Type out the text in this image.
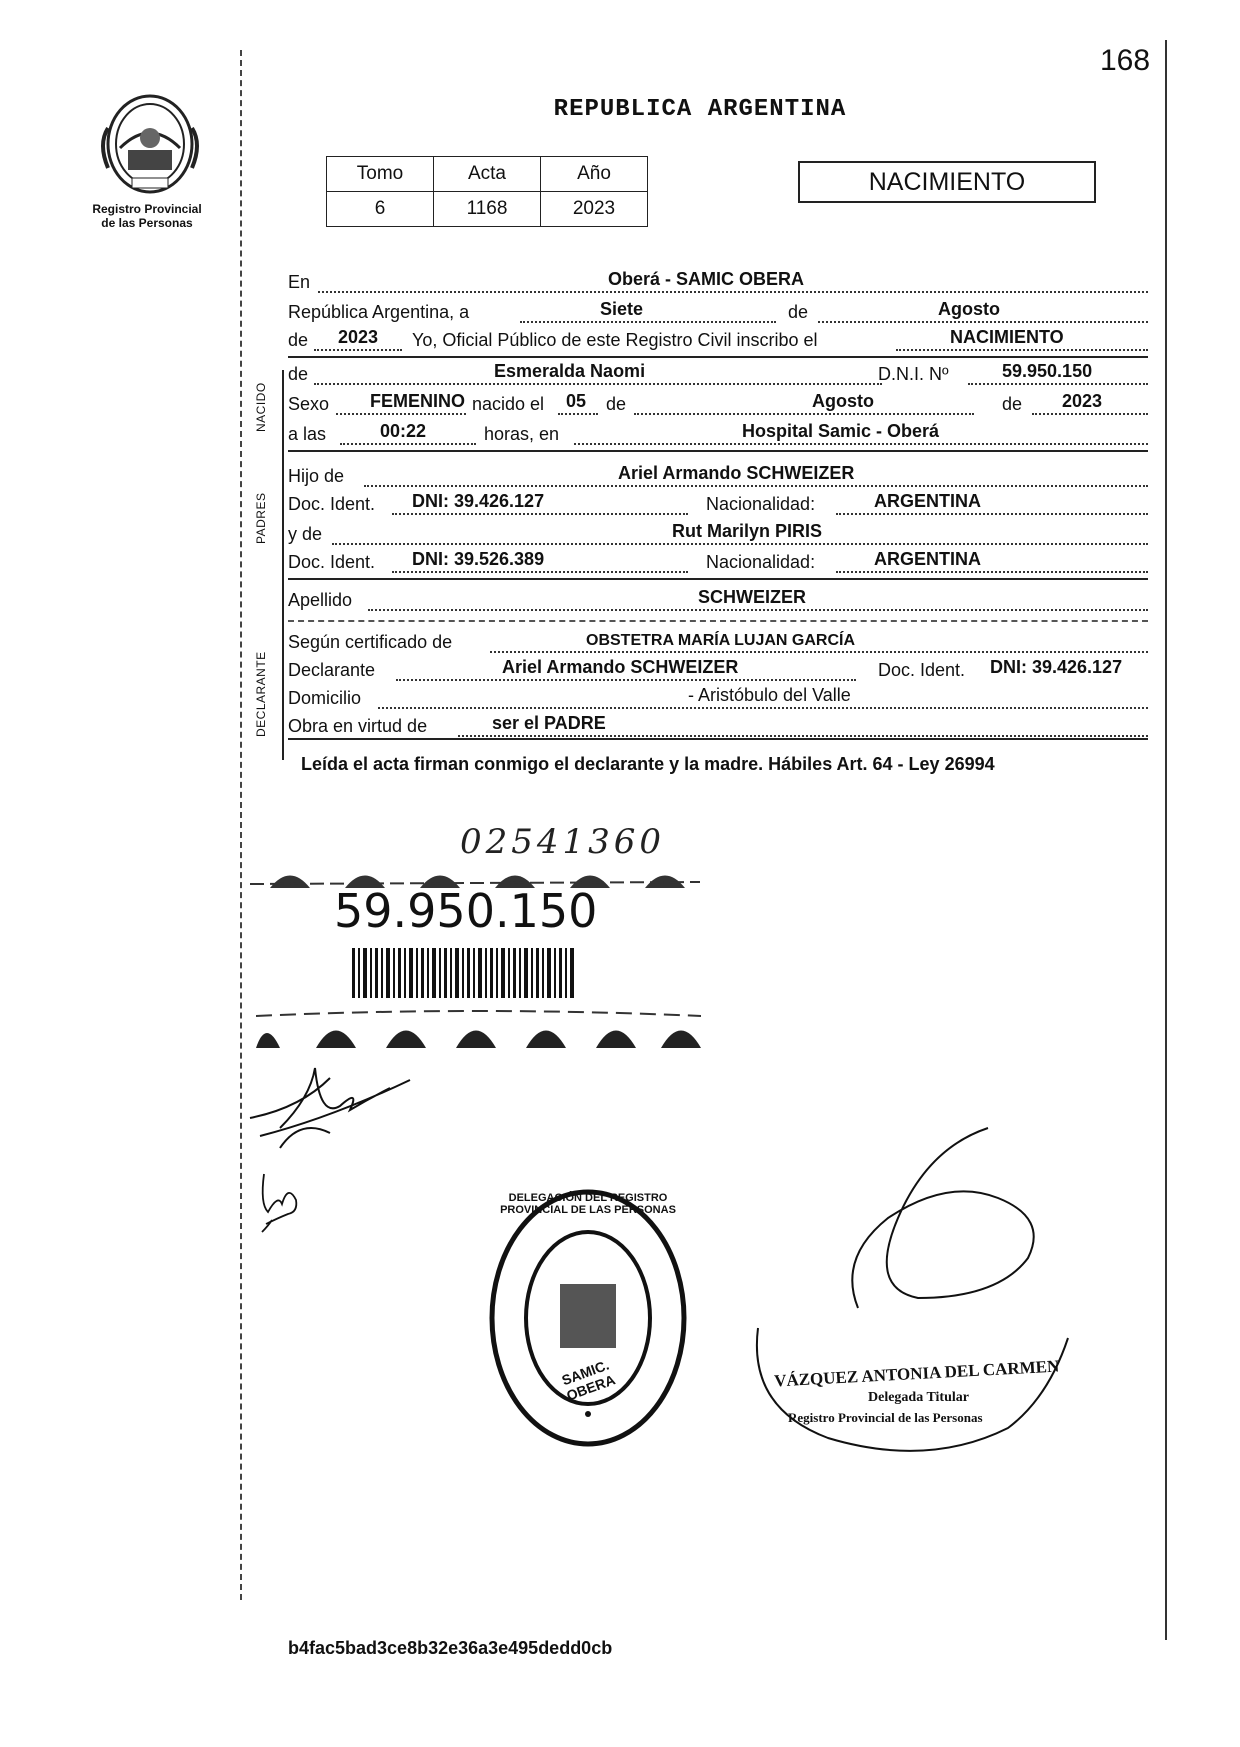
168
Registro Provincial
de las Personas
REPUBLICA ARGENTINA
Tomo	Acta	Año
6	1168	2023
NACIMIENTO
NACIDO
PADRES
DECLARANTE
En	Oberá - SAMIC OBERA
República Argentina, a	Siete	de	Agosto
de 2023 Yo, Oficial Público de este Registro Civil inscribo el	NACIMIENTO
de	Esmeralda Naomi	D.N.I. Nº	59.950.150
Sexo FEMENINO nacido el 05 de	Agosto	de 2023
a las	00:22	horas, en	Hospital Samic - Oberá
Hijo de	Ariel Armando SCHWEIZER
Doc. Ident. DNI: 39.426.127	Nacionalidad:	ARGENTINA
y de	Rut Marilyn PIRIS
Doc. Ident. DNI: 39.526.389	Nacionalidad:	ARGENTINA
Apellido	SCHWEIZER
Según certificado de	OBSTETRA MARÍA LUJAN GARCÍA
Declarante	Ariel Armando SCHWEIZER	Doc. Ident. DNI: 39.426.127
Domicilio	- Aristóbulo del Valle
Obra en virtud de	ser el PADRE
Leída el acta firman conmigo el declarante y la madre. Hábiles Art. 64 - Ley 26994
02541360
59.950.150
DELEGACIÓN DEL REGISTRO PROVINCIAL DE LAS PERSONAS
SAMIC. OBERA	VÁZQUEZ ANTONIA DEL CARMEN
Delegada Titular
Registro Provincial de las Personas
b4fac5bad3ce8b32e36a3e495dedd0cb
